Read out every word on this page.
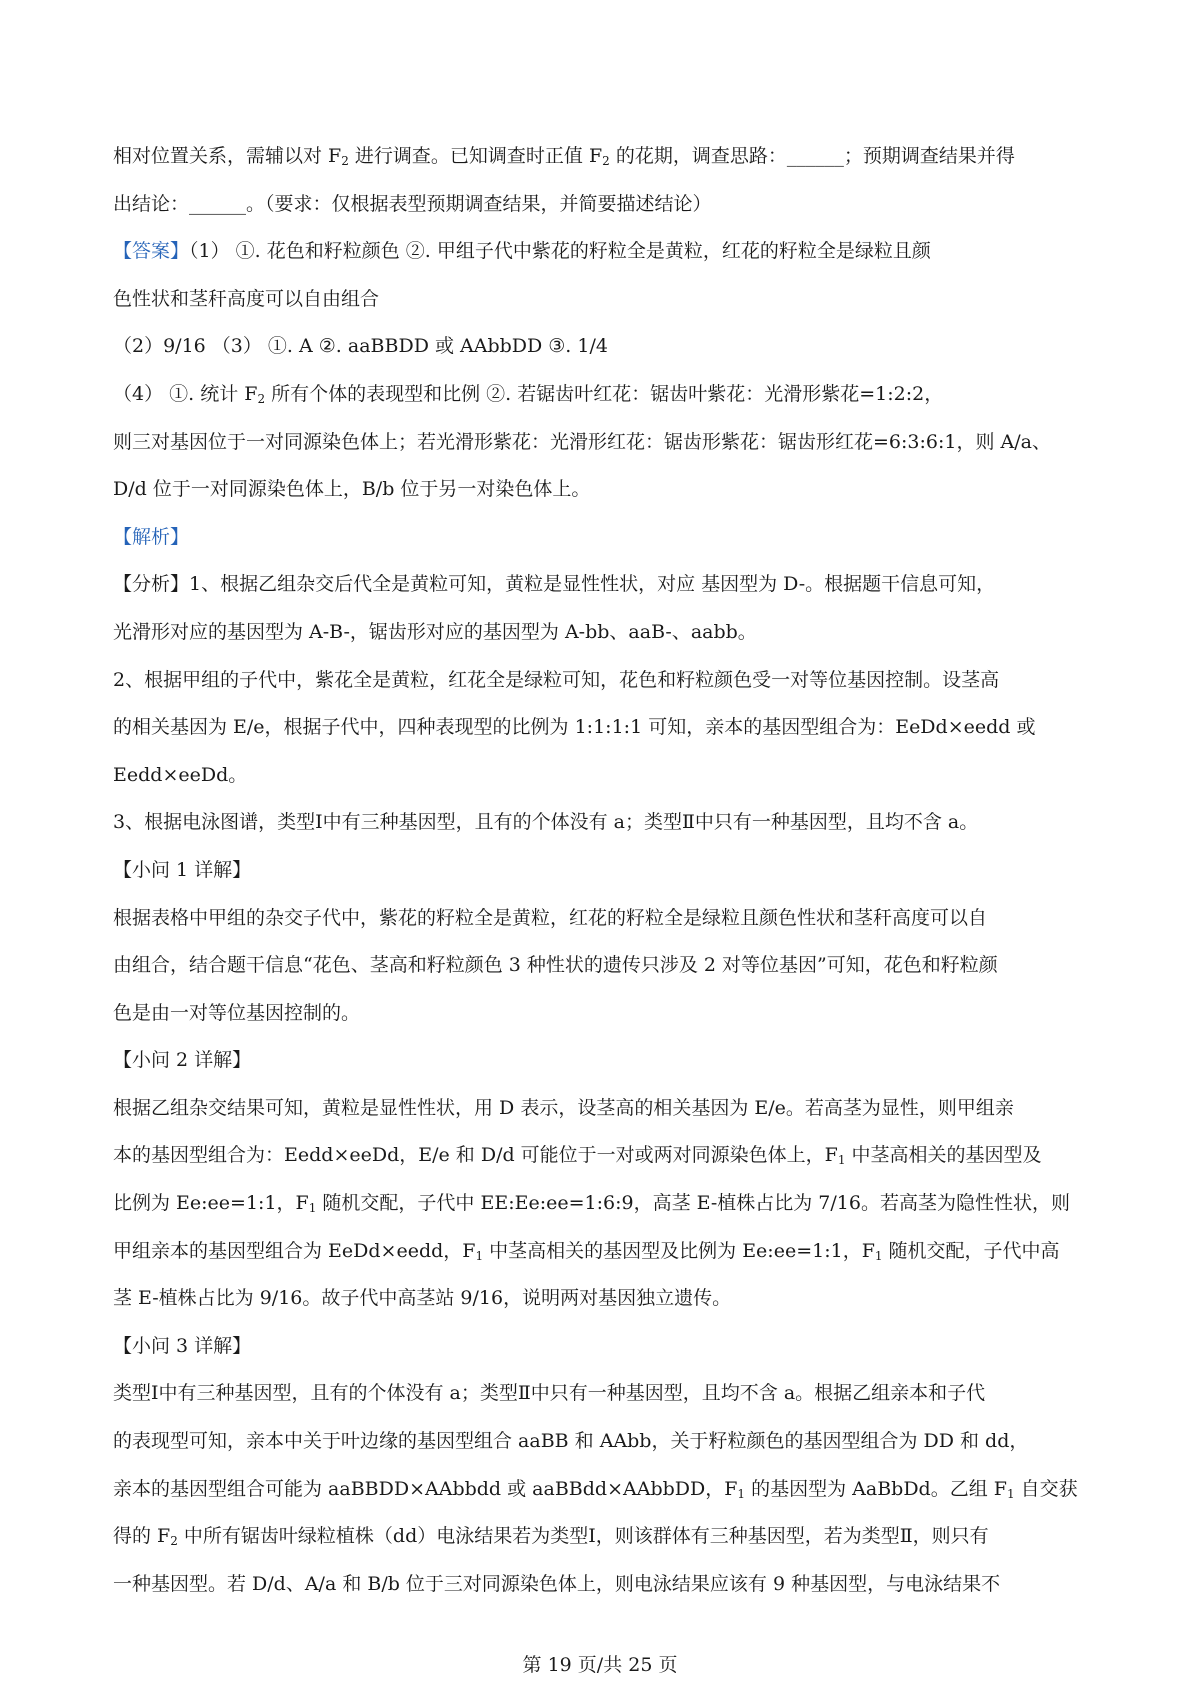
相对位置关系，需辅以对 $F_2$ 进行调查。已知调查时正值 $F_2$ 的花期，调查思路：______；预期调查结果并得
出结论：______。（要求：仅根据表型预期调查结果，并简要描述结论）
【答案】（1） ①. 花色和籽粒颜色 ②. 甲组子代中紫花的籽粒全是黄粒，红花的籽粒全是绿粒且颜
色性状和茎秆高度可以自由组合
（2）9/16 （3） ①. A ②. aaBBDD 或 AAbbDD ③. 1/4
（4） ①. 统计 $F_2$ 所有个体的表现型和比例 ②. 若锯齿叶红花：锯齿叶紫花：光滑形紫花=1:2:2，
则三对基因位于一对同源染色体上；若光滑形紫花：光滑形红花：锯齿形紫花：锯齿形红花=6:3:6:1，则 A/a、
D/d 位于一对同源染色体上，B/b 位于另一对染色体上。
【解析】
【分析】1、根据乙组杂交后代全是黄粒可知，黄粒是显性性状，对应 基因型为 D-。根据题干信息可知，
光滑形对应的基因型为 A-B-，锯齿形对应的基因型为 A-bb、aaB-、aabb。
2、根据甲组的子代中，紫花全是黄粒，红花全是绿粒可知，花色和籽粒颜色受一对等位基因控制。设茎高
的相关基因为 E/e，根据子代中，四种表现型的比例为 1:1:1:1 可知，亲本的基因型组合为：EeDd×eedd 或
Eedd×eeDd。
3、根据电泳图谱，类型Ⅰ中有三种基因型，且有的个体没有 a；类型Ⅱ中只有一种基因型，且均不含 a。
【小问 1 详解】
根据表格中甲组的杂交子代中，紫花的籽粒全是黄粒，红花的籽粒全是绿粒且颜色性状和茎秆高度可以自
由组合，结合题干信息“花色、茎高和籽粒颜色 3 种性状的遗传只涉及 2 对等位基因”可知，花色和籽粒颜
色是由一对等位基因控制的。
【小问 2 详解】
根据乙组杂交结果可知，黄粒是显性性状，用 D 表示，设茎高的相关基因为 E/e。若高茎为显性，则甲组亲
本的基因型组合为：Eedd×eeDd，E/e 和 D/d 可能位于一对或两对同源染色体上，$F_1$ 中茎高相关的基因型及
比例为 Ee:ee=1:1，$F_1$ 随机交配，子代中 EE:Ee:ee=1:6:9，高茎 E-植株占比为 7/16。若高茎为隐性性状，则
甲组亲本的基因型组合为 EeDd×eedd，$F_1$ 中茎高相关的基因型及比例为 Ee:ee=1:1，$F_1$ 随机交配，子代中高
茎 E-植株占比为 9/16。故子代中高茎站 9/16，说明两对基因独立遗传。
【小问 3 详解】
类型Ⅰ中有三种基因型，且有的个体没有 a；类型Ⅱ中只有一种基因型，且均不含 a。根据乙组亲本和子代
的表现型可知，亲本中关于叶边缘的基因型组合 aaBB 和 AAbb，关于籽粒颜色的基因型组合为 DD 和 dd，
亲本的基因型组合可能为 aaBBDD×AAbbdd 或 aaBBdd×AAbbDD，$F_1$ 的基因型为 AaBbDd。乙组 $F_1$ 自交获
得的 $F_2$ 中所有锯齿叶绿粒植株（dd）电泳结果若为类型Ⅰ，则该群体有三种基因型，若为类型Ⅱ，则只有
一种基因型。若 D/d、A/a 和 B/b 位于三对同源染色体上，则电泳结果应该有 9 种基因型，与电泳结果不
第 19 页/共 25 页
